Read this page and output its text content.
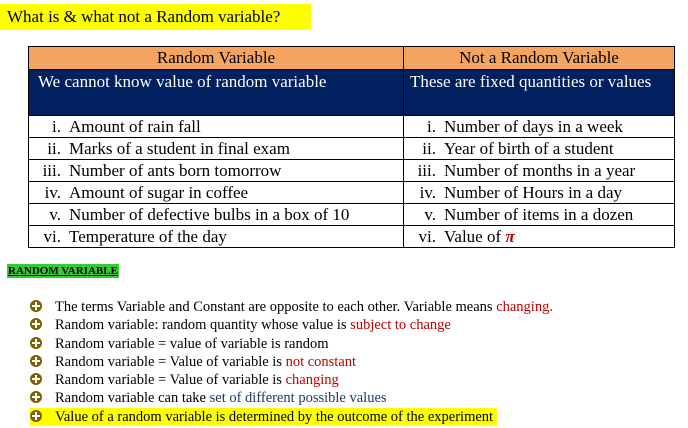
What is & what not a Random variable?
Random Variable	Not a Random Variable
We cannot know value of random variable	These are fixed quantities or values
i. Amount of rain fall	i. Number of days in a week
ii. Marks of a student in final exam	ii. Year of birth of a student
iii. Number of ants born tomorrow	iii. Number of months in a year
iv. Amount of sugar in coffee	iv. Number of Hours in a day
v. Number of defective bulbs in a box of 10	v. Number of items in a dozen
vi. Temperature of the day	vi. Value of π
RANDOM VARIABLE
The terms Variable and Constant are opposite to each other. Variable means changing.
Random variable: random quantity whose value is subject to change
Random variable = value of variable is random
Random variable = Value of variable is not constant
Random variable = Value of variable is changing
Random variable can take set of different possible values
Value of a random variable is determined by the outcome of the experiment
